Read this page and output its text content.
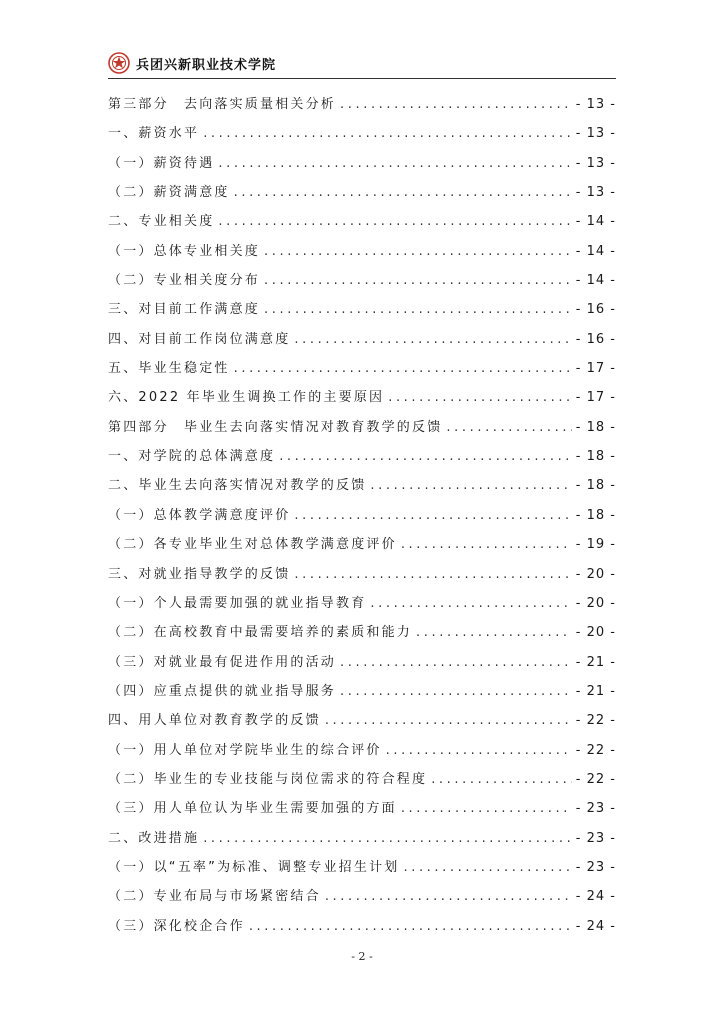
兵团兴新职业技术学院
第三部分　去向落实质量相关分析 .....	- 13 -
一、薪资水平 .....	- 13 -
（一）薪资待遇 .....	- 13 -
（二）薪资满意度 .....	- 13 -
二、专业相关度 .....	- 14 -
（一）总体专业相关度 .....	- 14 -
（二）专业相关度分布 .....	- 14 -
三、对目前工作满意度 .....	- 16 -
四、对目前工作岗位满意度 .....	- 16 -
五、毕业生稳定性 .....	- 17 -
六、2022 年毕业生调换工作的主要原因 .....	- 17 -
第四部分　毕业生去向落实情况对教育教学的反馈 .....	- 18 -
一、对学院的总体满意度 .....	- 18 -
二、毕业生去向落实情况对教学的反馈 .....	- 18 -
（一）总体教学满意度评价 .....	- 18 -
（二）各专业毕业生对总体教学满意度评价 .....	- 19 -
三、对就业指导教学的反馈 .....	- 20 -
（一）个人最需要加强的就业指导教育 .....	- 20 -
（二）在高校教育中最需要培养的素质和能力 .....	- 20 -
（三）对就业最有促进作用的活动 .....	- 21 -
（四）应重点提供的就业指导服务 .....	- 21 -
四、用人单位对教育教学的反馈 .....	- 22 -
（一）用人单位对学院毕业生的综合评价 .....	- 22 -
（二）毕业生的专业技能与岗位需求的符合程度 .....	- 22 -
（三）用人单位认为毕业生需要加强的方面 .....	- 23 -
二、改进措施 .....	- 23 -
（一）以“五率”为标准、调整专业招生计划 .....	- 23 -
（二）专业布局与市场紧密结合 .....	- 24 -
（三）深化校企合作 .....	- 24 -
- 2 -
